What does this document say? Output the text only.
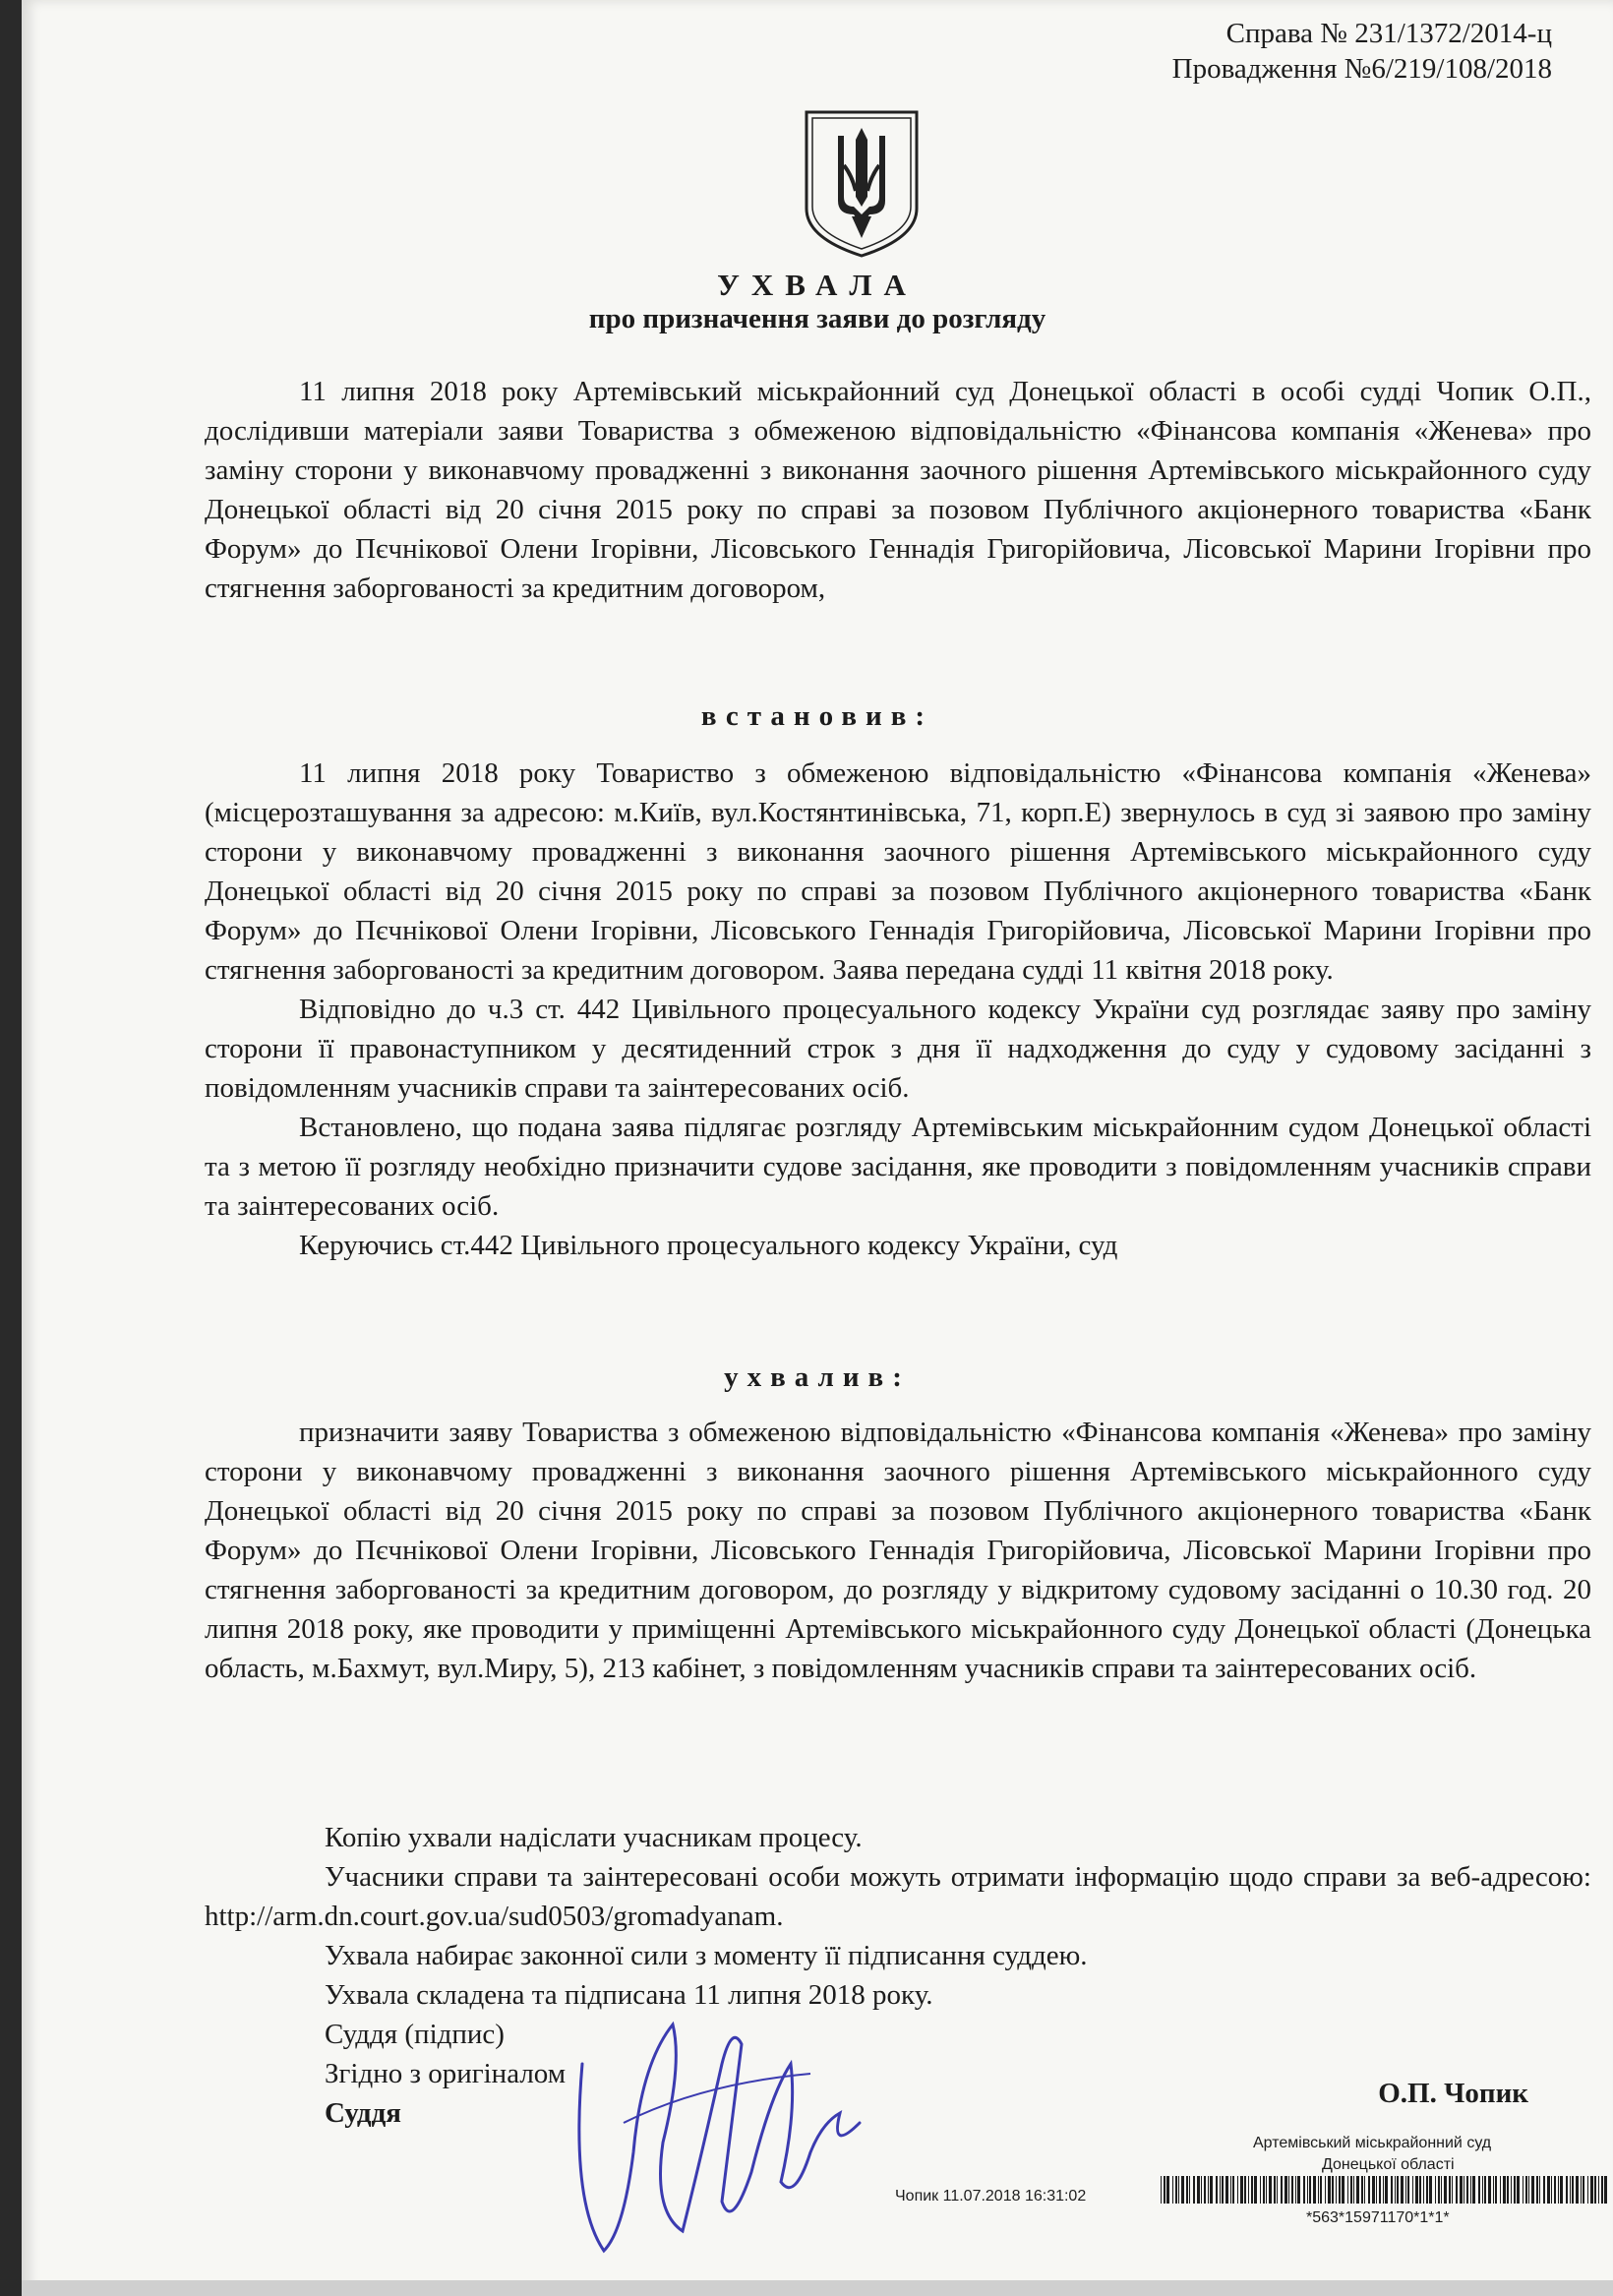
Справа № 231/1372/2014-ц
Провадження №6/219/108/2018
УХВАЛА
про призначення заяви до розгляду

11 липня 2018 року Артемівський міськрайонний суд Донецької області в особі судді Чопик О.П., дослідивши матеріали заяви Товариства з обмеженою відповідальністю «Фінансова компанія «Женева» про заміну сторони у виконавчому провадженні з виконання заочного рішення Артемівського міськрайонного суду Донецької області від 20 січня 2015 року по справі за позовом Публічного акціонерного товариства «Банк Форум» до Пєчнікової Олени Ігорівни, Лісовського Геннадія Григорійовича, Лісовської Марини Ігорівни про стягнення заборгованості за кредитним договором,

встановив:

11 липня 2018 року Товариство з обмеженою відповідальністю «Фінансова компанія «Женева» (місцерозташування за адресою: м.Київ, вул.Костянтинівська, 71, корп.Е) звернулось в суд зі заявою про заміну сторони у виконавчому провадженні з виконання заочного рішення Артемівського міськрайонного суду Донецької області від 20 січня 2015 року по справі за позовом Публічного акціонерного товариства «Банк Форум» до Пєчнікової Олени Ігорівни, Лісовського Геннадія Григорійовича, Лісовської Марини Ігорівни про стягнення заборгованості за кредитним договором. Заява передана судді 11 квітня 2018 року.

Відповідно до ч.3 ст. 442 Цивільного процесуального кодексу України суд розглядає заяву про заміну сторони її правонаступником у десятиденний строк з дня її надходження до суду у судовому засіданні з повідомленням учасників справи та заінтересованих осіб.

Встановлено, що подана заява підлягає розгляду Артемівським міськрайонним судом Донецької області та з метою її розгляду необхідно призначити судове засідання, яке проводити з повідомленням учасників справи та заінтересованих осіб.

Керуючись ст.442 Цивільного процесуального кодексу України, суд

ухвалив:

призначити заяву Товариства з обмеженою відповідальністю «Фінансова компанія «Женева» про заміну сторони у виконавчому провадженні з виконання заочного рішення Артемівського міськрайонного суду Донецької області від 20 січня 2015 року по справі за позовом Публічного акціонерного товариства «Банк Форум» до Пєчнікової Олени Ігорівни, Лісовського Геннадія Григорійовича, Лісовської Марини Ігорівни про стягнення заборгованості за кредитним договором, до розгляду у відкритому судовому засіданні о 10.30 год. 20 липня 2018 року, яке проводити у приміщенні Артемівського міськрайонного суду Донецької області (Донецька область, м.Бахмут, вул.Миру, 5), 213 кабінет, з повідомленням учасників справи та заінтересованих осіб.

Копію ухвали надіслати учасникам процесу.

Учасники справи та заінтересовані особи можуть отримати інформацію щодо справи за веб-адресою: http://arm.dn.court.gov.ua/sud0503/gromadyanam.

Ухвала набирає законної сили з моменту її підписання суддею.

Ухвала складена та підписана 11 липня 2018 року.

Суддя (підпис)

Згідно з оригіналом

Суддя

О.П. Чопик
Артемівський міськрайонний суд
Донецької області
Чопик 11.07.2018 16:31:02
*563*15971170*1*1*
